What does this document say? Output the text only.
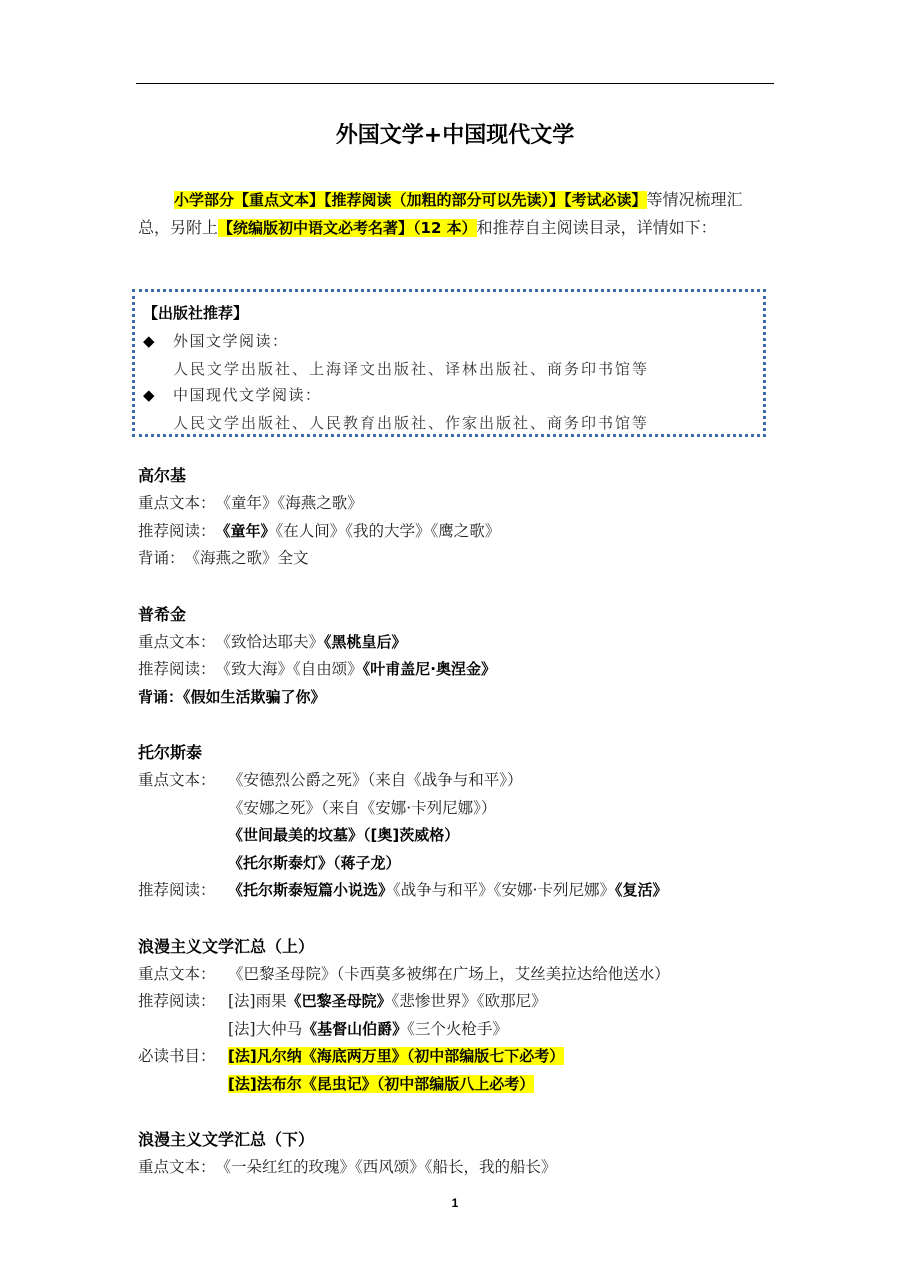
外国文学+中国现代文学

小学部分【重点文本】【推荐阅读（加粗的部分可以先读）】【考试必读】等情况梳理汇总，另附上【统编版初中语文必考名著】（12 本）和推荐自主阅读目录，详情如下：

【出版社推荐】
◆ 外国文学阅读：
人民文学出版社、上海译文出版社、译林出版社、商务印书馆等
◆ 中国现代文学阅读：
人民文学出版社、人民教育出版社、作家出版社、商务印书馆等
高尔基
重点文本：《童年》《海燕之歌》
推荐阅读：《童年》《在人间》《我的大学》《鹰之歌》
背诵：《海燕之歌》全文
普希金
重点文本：《致恰达耶夫》《黑桃皇后》
推荐阅读：《致大海》《自由颂》《叶甫盖尼·奥涅金》
背诵：《假如生活欺骗了你》
托尔斯泰
重点文本： 《安德烈公爵之死》（来自《战争与和平》）
《安娜之死》（来自《安娜·卡列尼娜》）
《世间最美的坟墓》（[奥]茨威格）
《托尔斯泰灯》（蒋子龙）
推荐阅读： 《托尔斯泰短篇小说选》《战争与和平》《安娜·卡列尼娜》《复活》
浪漫主义文学汇总（上）
重点文本： 《巴黎圣母院》（卡西莫多被绑在广场上，艾丝美拉达给他送水）
推荐阅读： [法]雨果《巴黎圣母院》《悲惨世界》《欧那尼》
[法]大仲马《基督山伯爵》《三个火枪手》
必读书目： [法]凡尔纳《海底两万里》（初中部编版七下必考）
[法]法布尔《昆虫记》（初中部编版八上必考）
浪漫主义文学汇总（下）
重点文本：《一朵红红的玫瑰》《西风颂》《船长，我的船长》
1
